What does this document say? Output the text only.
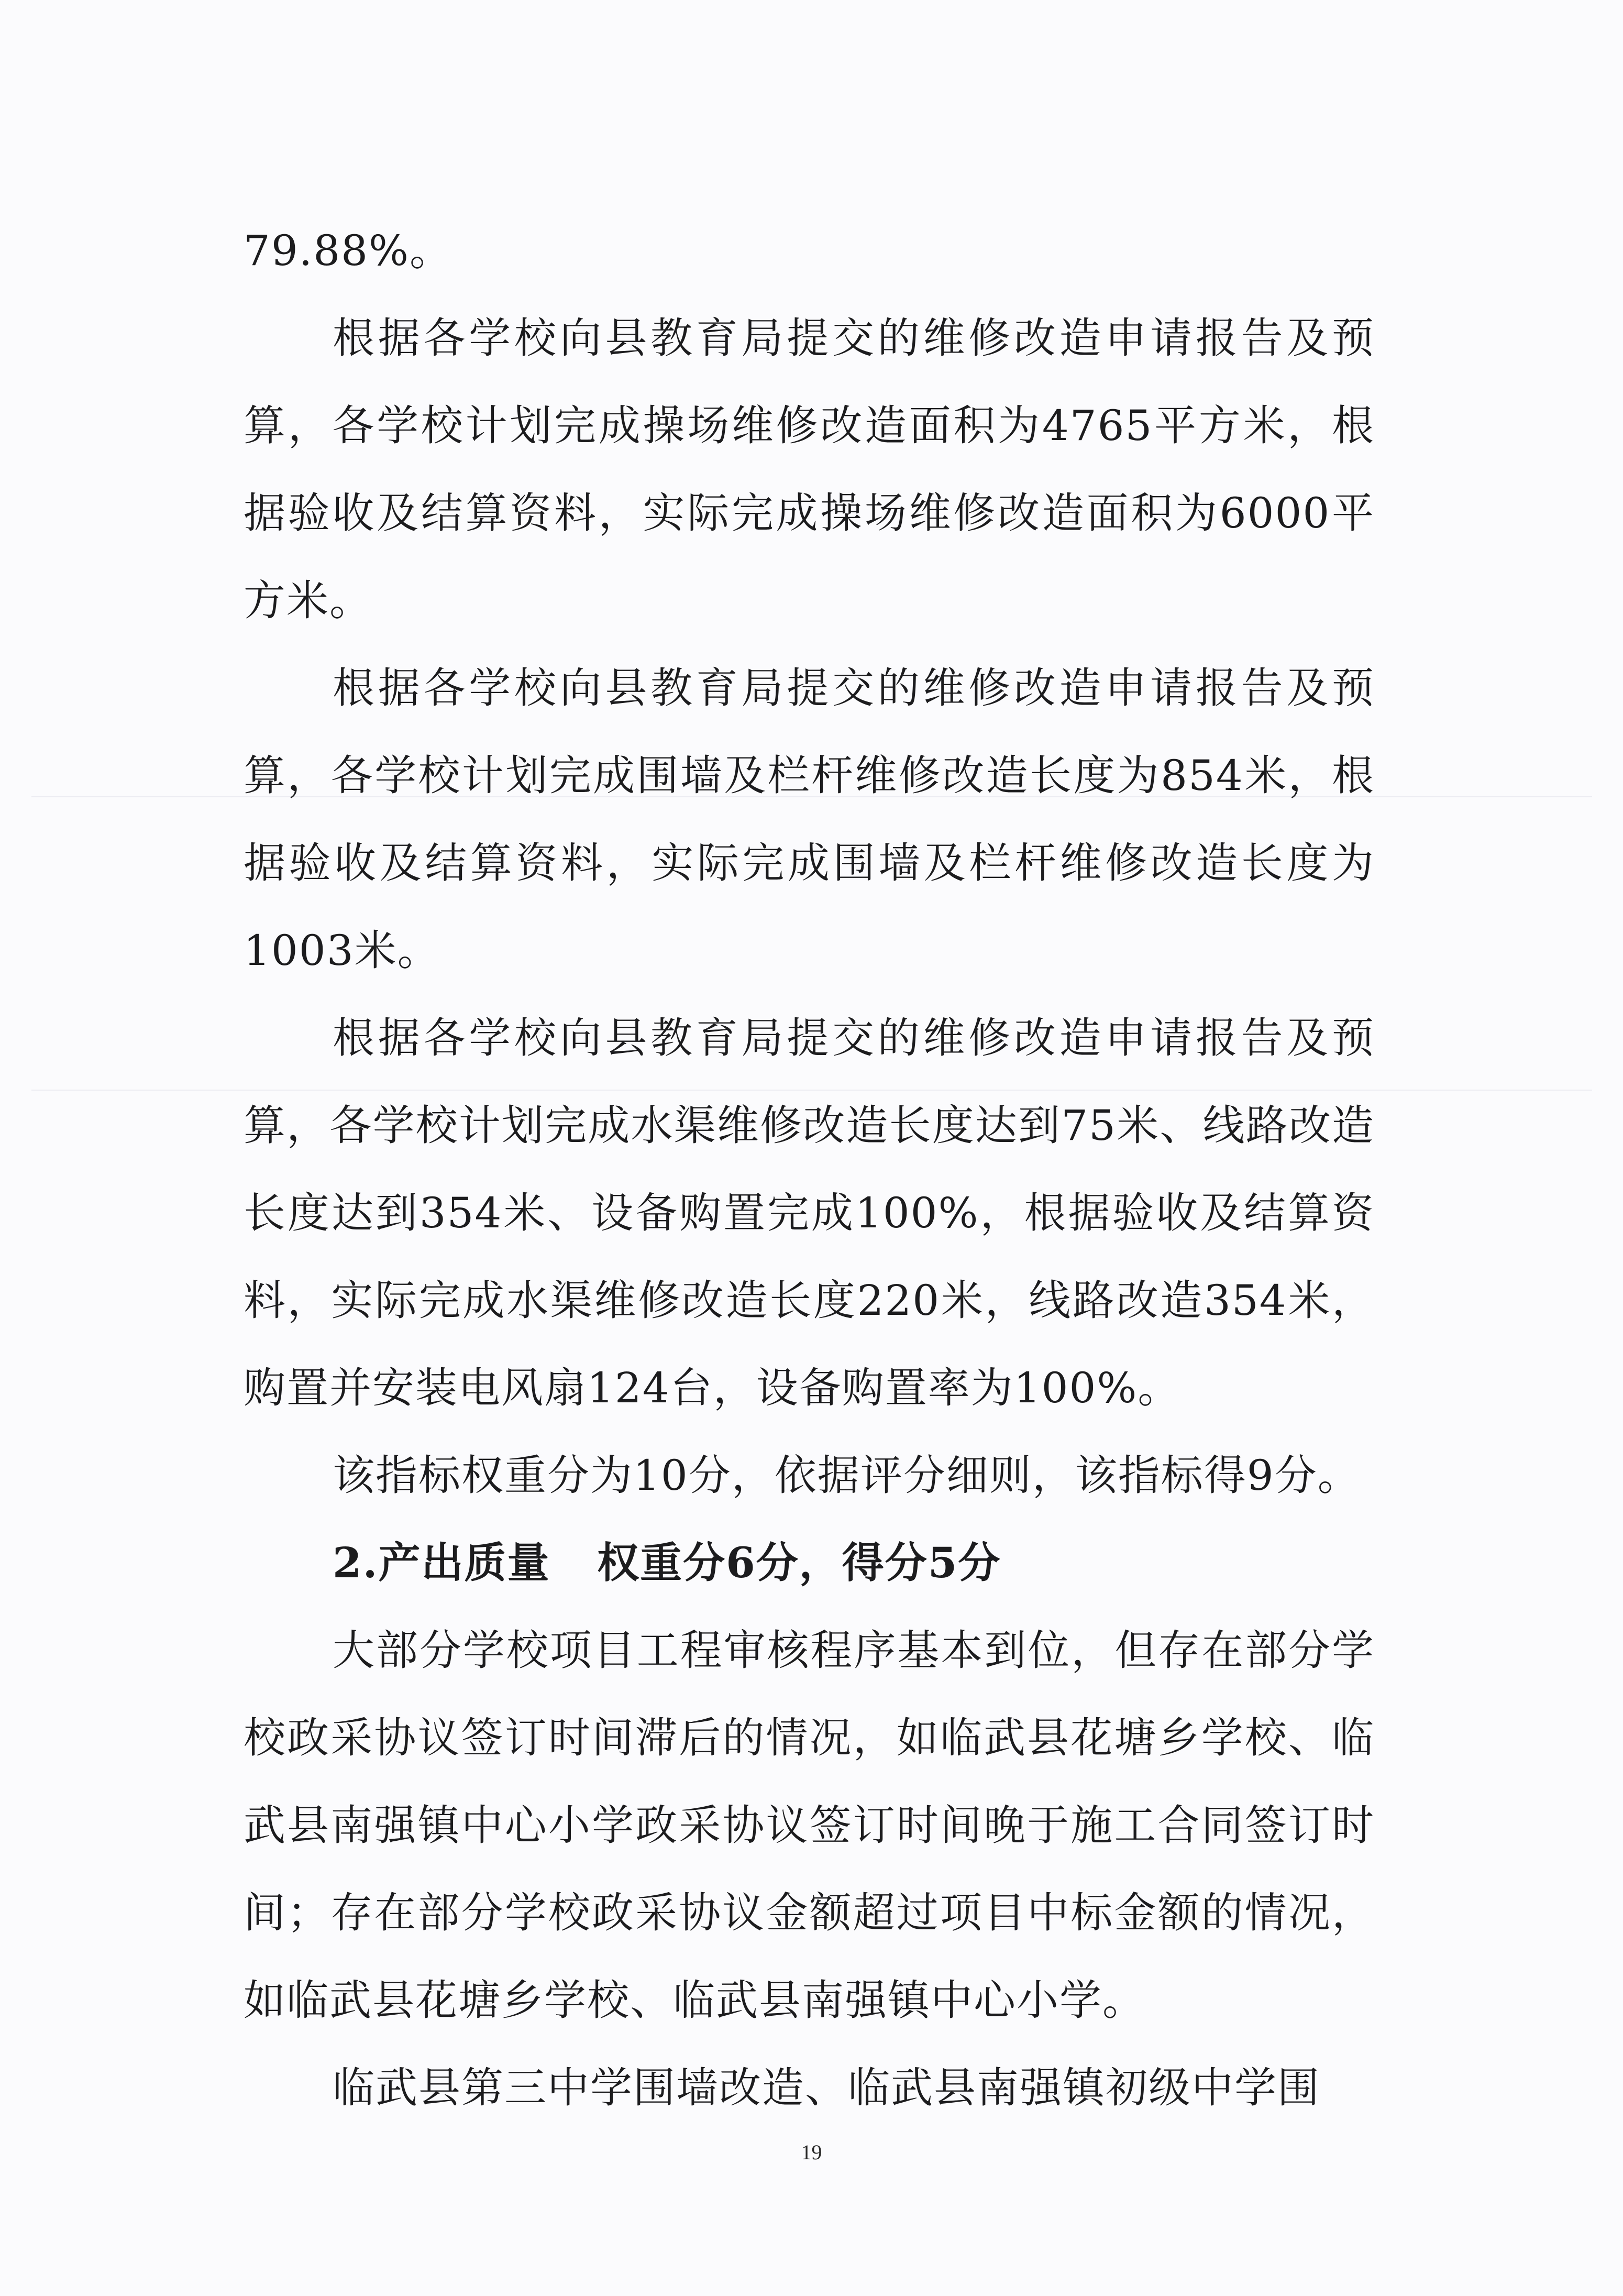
79.88%。

根据各学校向县教育局提交的维修改造申请报告及预算，各学校计划完成操场维修改造面积为4765平方米，根据验收及结算资料，实际完成操场维修改造面积为6000平方米。

根据各学校向县教育局提交的维修改造申请报告及预算，各学校计划完成围墙及栏杆维修改造长度为854米，根据验收及结算资料，实际完成围墙及栏杆维修改造长度为1003米。

根据各学校向县教育局提交的维修改造申请报告及预算，各学校计划完成水渠维修改造长度达到75米、线路改造长度达到354米、设备购置完成100%，根据验收及结算资料，实际完成水渠维修改造长度220米，线路改造354米，购置并安装电风扇124台，设备购置率为100%。

该指标权重分为10分，依据评分细则，该指标得9分。

2.产出质量   权重分6分，得分5分

大部分学校项目工程审核程序基本到位，但存在部分学校政采协议签订时间滞后的情况，如临武县花塘乡学校、临武县南强镇中心小学政采协议签订时间晚于施工合同签订时间；存在部分学校政采协议金额超过项目中标金额的情况，如临武县花塘乡学校、临武县南强镇中心小学。

临武县第三中学围墙改造、临武县南强镇初级中学围

19
